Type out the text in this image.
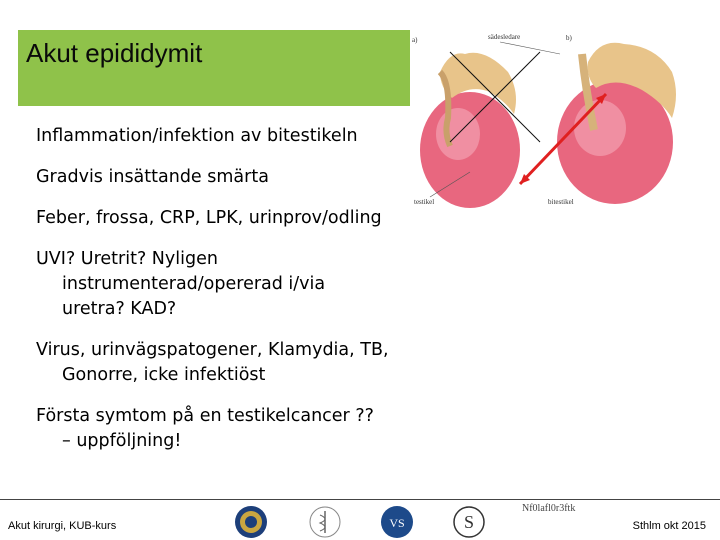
Akut epididymit	a)	b)
sädesledare
testikel	bitestikel
Inflammation/infektion av bitestikeln
Gradvis insättande smärta
Feber, frossa, CRP, LPK, urinprov/odling
UVI? Uretrit? Nyligen
instrumenterad/opererad i/via
uretra? KAD?
Virus, urinvägspatogener, Klamydia, TB,
Gonorre, icke infektiöst
Första symtom på en testikelcancer ??
– uppföljning!
Nf0lafl0r3ftk
Akut kirurgi, KUB-kurs	Sthlm okt 2015
VS	S
